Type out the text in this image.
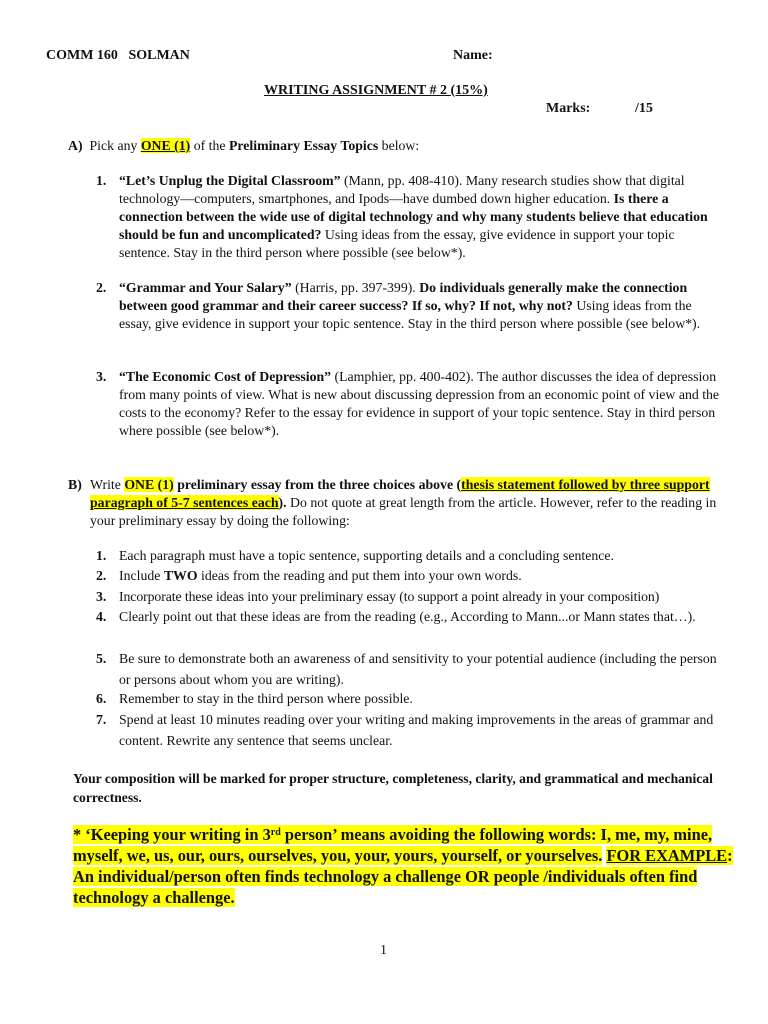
COMM 160 SOLMAN	Name:
WRITING ASSIGNMENT # 2 (15%)
Marks:	/15
A) Pick any ONE (1) of the Preliminary Essay Topics below:
1. “Let’s Unplug the Digital Classroom” (Mann, pp. 408-410). Many research studies show that digital technology—computers, smartphones, and Ipods—have dumbed down higher education. Is there a connection between the wide use of digital technology and why many students believe that education should be fun and uncomplicated? Using ideas from the essay, give evidence in support your topic sentence. Stay in the third person where possible (see below*).
2. “Grammar and Your Salary” (Harris, pp. 397-399). Do individuals generally make the connection between good grammar and their career success? If so, why? If not, why not? Using ideas from the essay, give evidence in support your topic sentence. Stay in the third person where possible (see below*).
3. “The Economic Cost of Depression” (Lamphier, pp. 400-402). The author discusses the idea of depression from many points of view. What is new about discussing depression from an economic point of view and the costs to the economy? Refer to the essay for evidence in support of your topic sentence. Stay in third person where possible (see below*).
B) Write ONE (1) preliminary essay from the three choices above (thesis statement followed by three support paragraph of 5-7 sentences each). Do not quote at great length from the article. However, refer to the reading in your preliminary essay by doing the following:
1. Each paragraph must have a topic sentence, supporting details and a concluding sentence.
2. Include TWO ideas from the reading and put them into your own words.
3. Incorporate these ideas into your preliminary essay (to support a point already in your composition)
4. Clearly point out that these ideas are from the reading (e.g., According to Mann...or Mann states that…).
5. Be sure to demonstrate both an awareness of and sensitivity to your potential audience (including the person or persons about whom you are writing).
6. Remember to stay in the third person where possible.
7. Spend at least 10 minutes reading over your writing and making improvements in the areas of grammar and content. Rewrite any sentence that seems unclear.
Your composition will be marked for proper structure, completeness, clarity, and grammatical and mechanical correctness.
* ‘Keeping your writing in 3rd person’ means avoiding the following words: I, me, my, mine, myself, we, us, our, ours, ourselves, you, your, yours, yourself, or yourselves. FOR EXAMPLE: An individual/person often finds technology a challenge OR people /individuals often find technology a challenge.
1
